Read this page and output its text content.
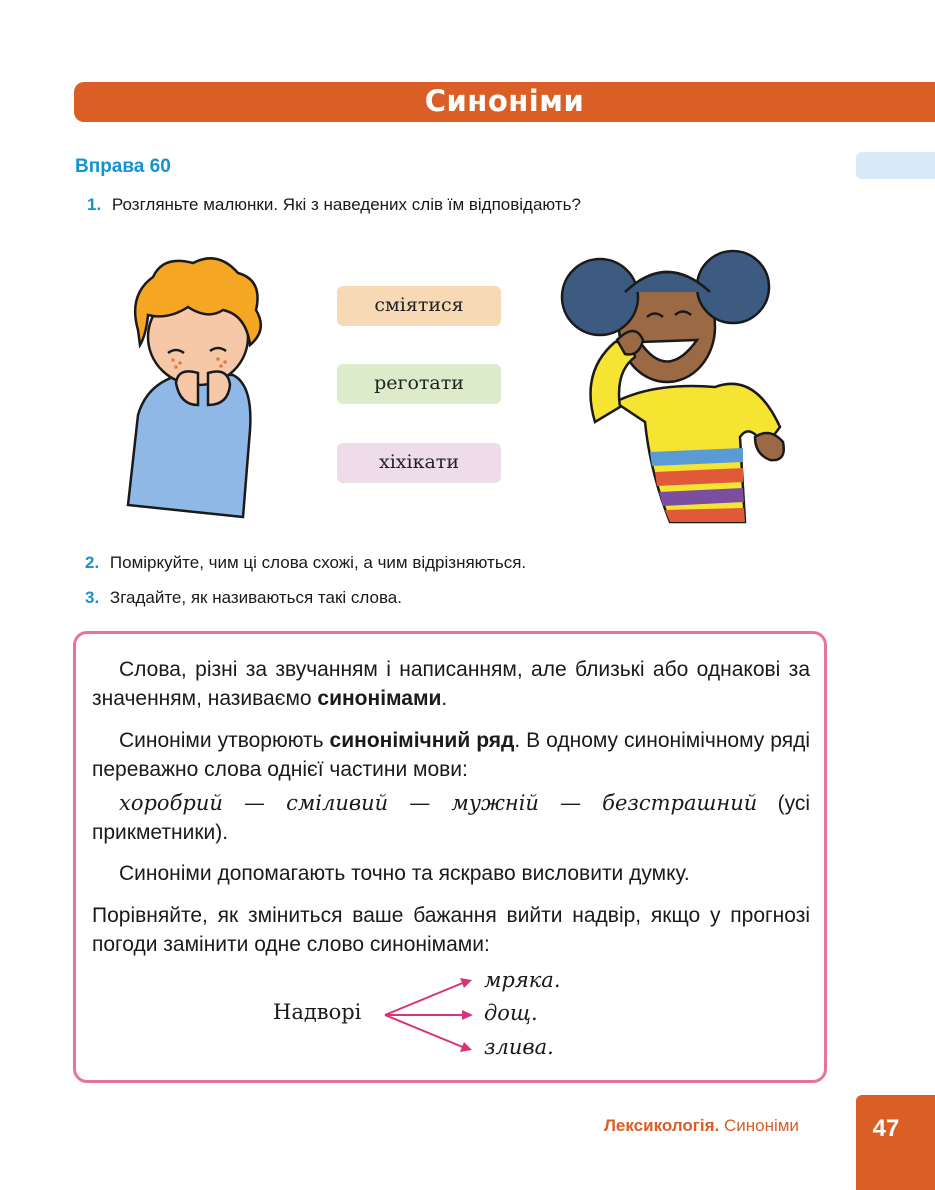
Синоніми
Вправа 60
1. Розгляньте малюнки. Які з наведених слів їм відповідають?
сміятися
реготати
хіхікати
2. Поміркуйте, чим ці слова схожі, а чим відрізняються.
3. Згадайте, як називаються такі слова.
Слова, різні за звучанням і написанням, але близькі або однакові за значенням, називаємо синонімами.
Синоніми утворюють синонімічний ряд. В одному синонімічному ряді переважно слова однієї частини мови:
хоробрий — сміливий — мужній — безстрашний (усі прикметники).
Синоніми допомагають точно та яскраво висловити думку.
Порівняйте, як зміниться ваше бажання вийти надвір, якщо у прогнозі погоди замінити одне слово синонімами:
Надворі
мряка.
дощ.
злива.
Лексикологія. Синоніми	47
